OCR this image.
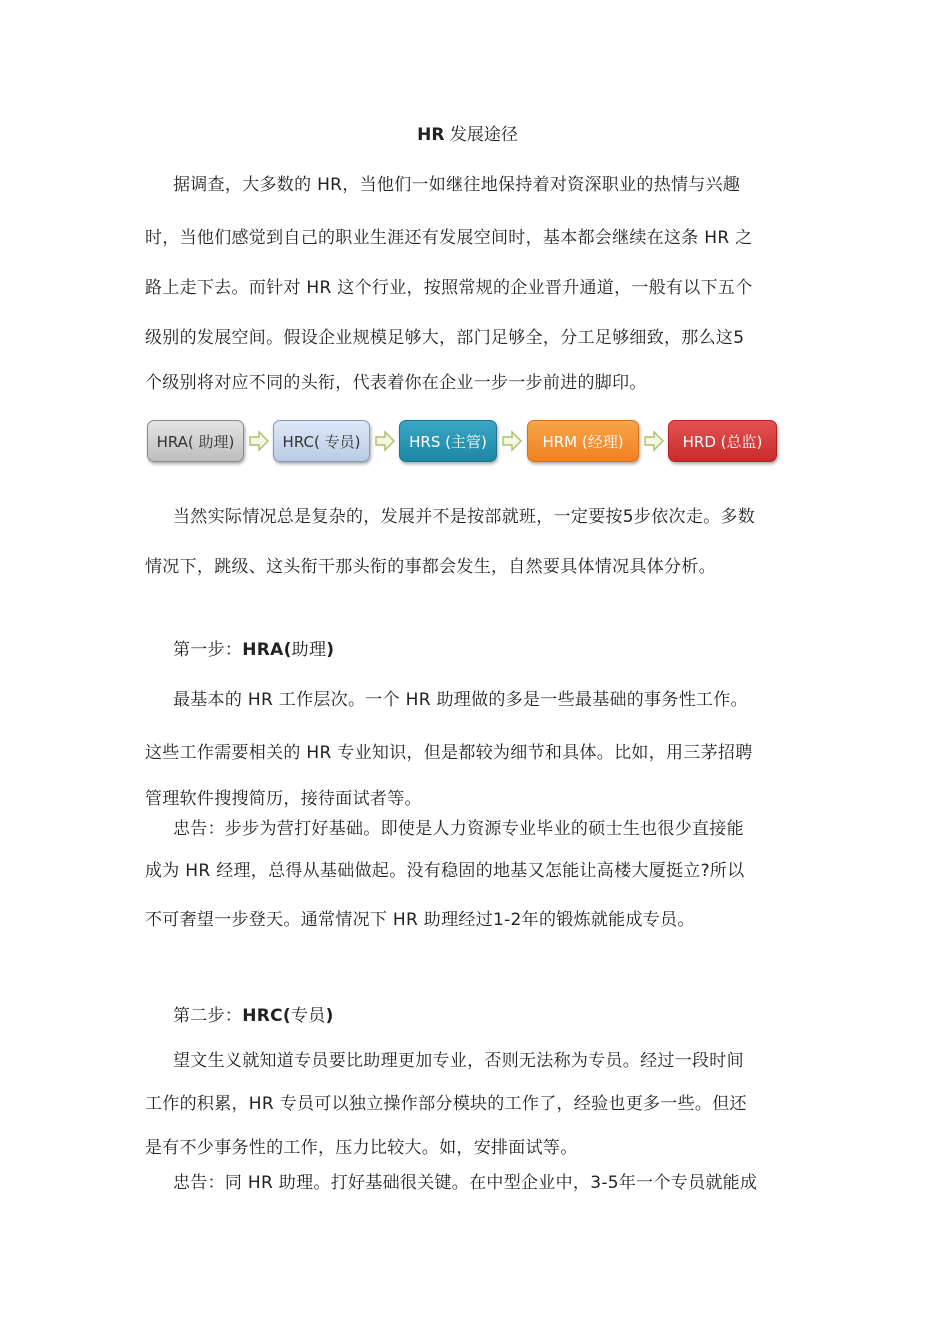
HR 发展途径
据调查，大多数的 HR，当他们一如继往地保持着对资深职业的热情与兴趣
时，当他们感觉到自己的职业生涯还有发展空间时，基本都会继续在这条 HR 之
路上走下去。而针对 HR 这个行业，按照常规的企业晋升通道，一般有以下五个
级别的发展空间。假设企业规模足够大，部门足够全，分工足够细致，那么这5
个级别将对应不同的头衔，代表着你在企业一步一步前进的脚印。
HRA( 助理)	HRC( 专员)	HRS (主管)	HRM (经理)	HRD (总监)
当然实际情况总是复杂的，发展并不是按部就班，一定要按5步依次走。多数
情况下，跳级、这头衔干那头衔的事都会发生，自然要具体情况具体分析。
第一步：HRA(助理)
最基本的 HR 工作层次。一个 HR 助理做的多是一些最基础的事务性工作。
这些工作需要相关的 HR 专业知识，但是都较为细节和具体。比如，用三茅招聘
管理软件搜搜简历，接待面试者等。
忠告：步步为营打好基础。即使是人力资源专业毕业的硕士生也很少直接能
成为 HR 经理，总得从基础做起。没有稳固的地基又怎能让高楼大厦挺立?所以
不可奢望一步登天。通常情况下 HR 助理经过1-2年的锻炼就能成专员。
第二步：HRC(专员)
望文生义就知道专员要比助理更加专业，否则无法称为专员。经过一段时间
工作的积累，HR 专员可以独立操作部分模块的工作了，经验也更多一些。但还
是有不少事务性的工作，压力比较大。如，安排面试等。
忠告：同 HR 助理。打好基础很关键。在中型企业中，3-5年一个专员就能成
